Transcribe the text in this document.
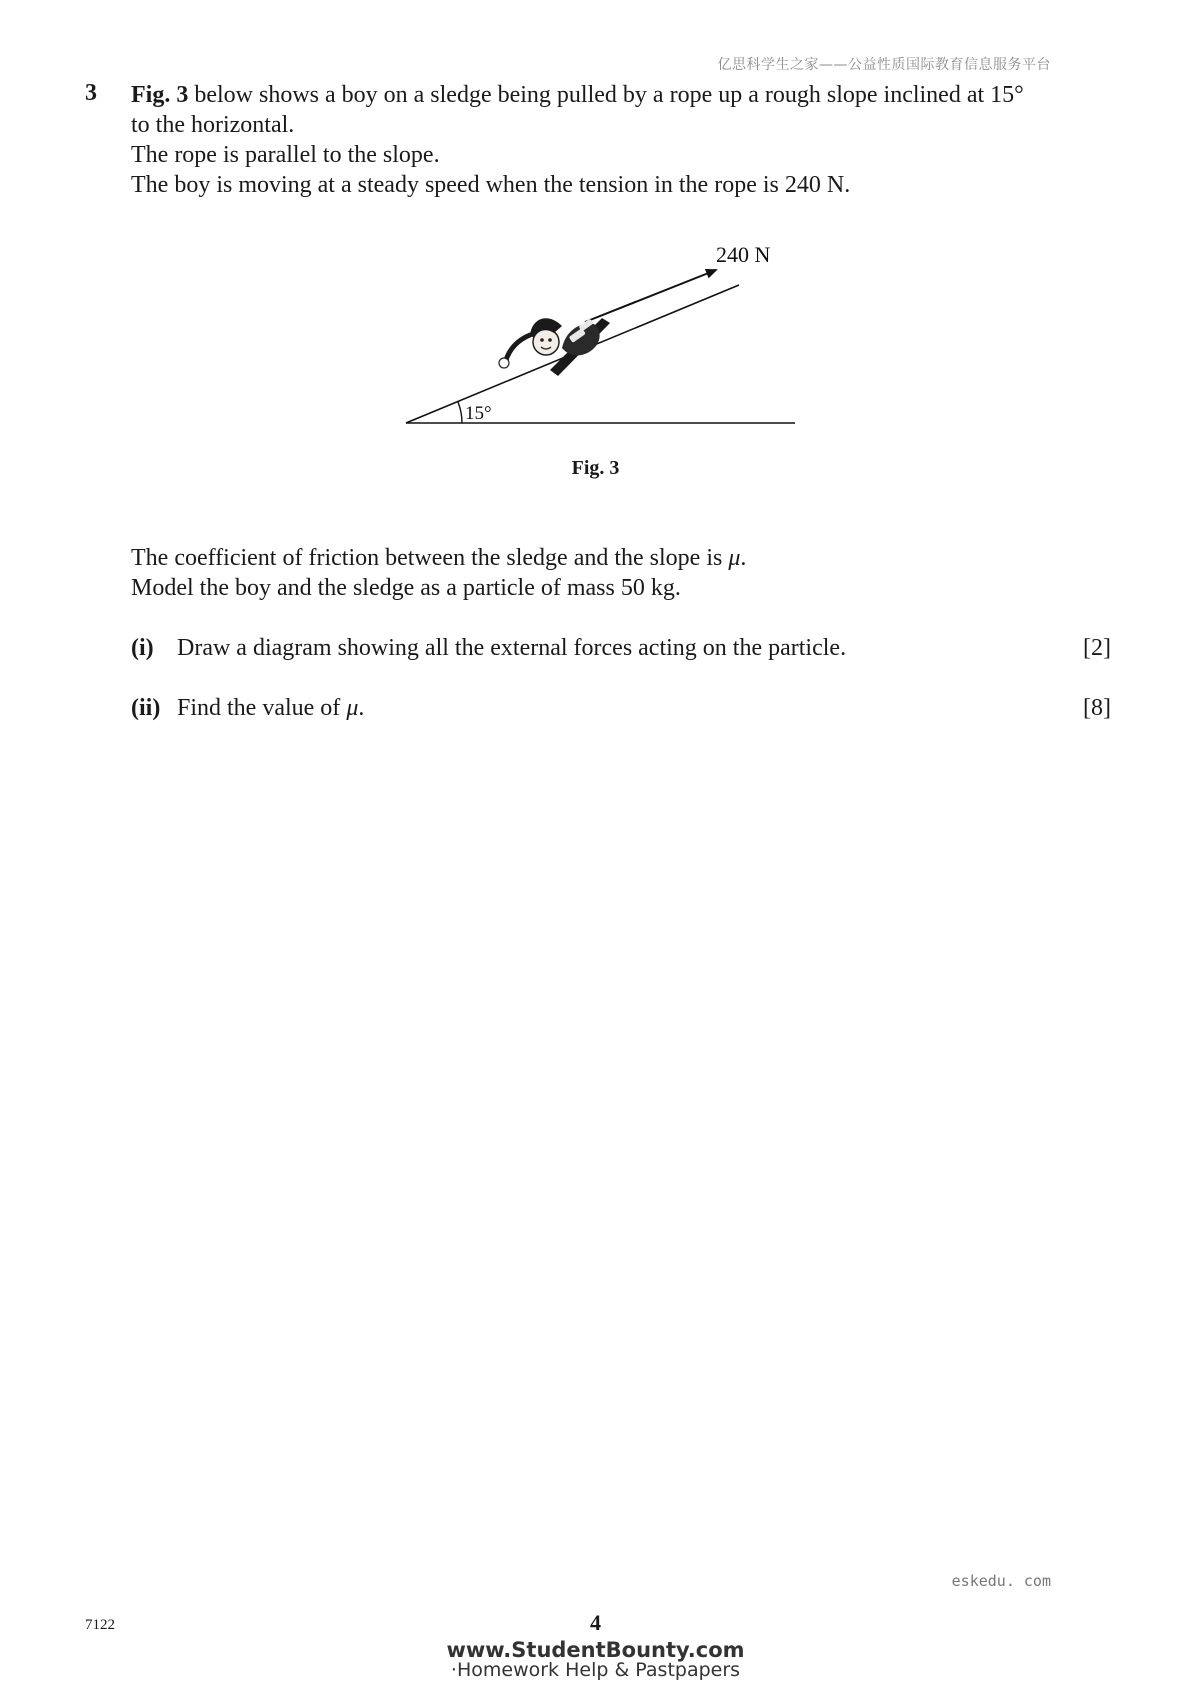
亿思科学生之家——公益性质国际教育信息服务平台
3 Fig. 3 below shows a boy on a sledge being pulled by a rope up a rough slope inclined at 15°

to the horizontal.

The rope is parallel to the slope.

The boy is moving at a steady speed when the tension in the rope is 240 N.

240 N
15°
Fig. 3

The coefficient of friction between the sledge and the slope is μ.

Model the boy and the sledge as a particle of mass 50 kg.

(i) Draw a diagram showing all the external forces acting on the particle.	[2]
(ii) Find the value of μ.	[8]
eskedu. com
7122	4
www.StudentBounty.com
·Homework Help & Pastpapers
